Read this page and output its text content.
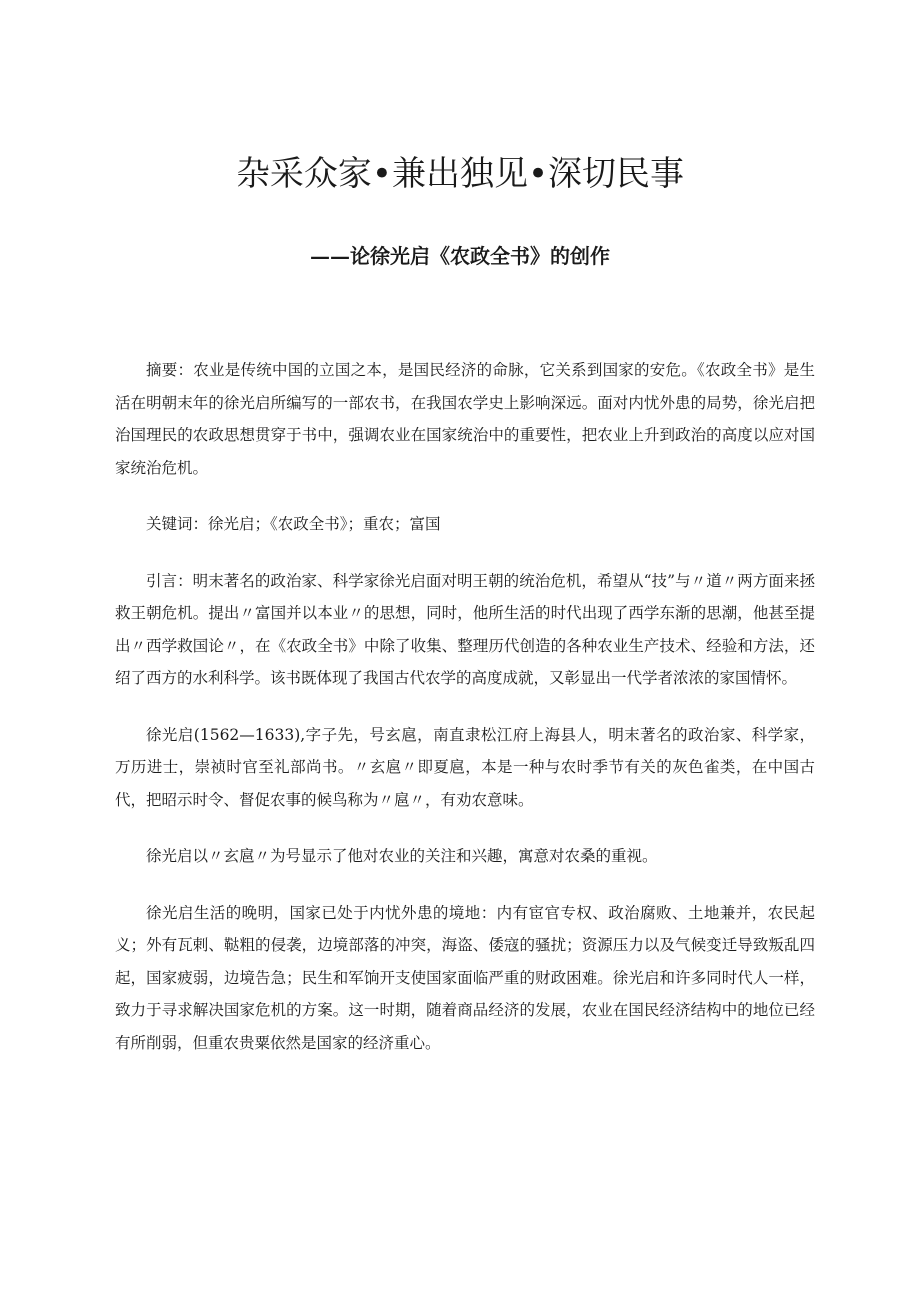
杂采众家•兼出独见•深切民事
——论徐光启《农政全书》的创作

摘要：农业是传统中国的立国之本，是国民经济的命脉，它关系到国家的安危。《农政全书》是生活在明朝末年的徐光启所编写的一部农书，在我国农学史上影响深远。面对内忧外患的局势，徐光启把治国理民的农政思想贯穿于书中，强调农业在国家统治中的重要性，把农业上升到政治的高度以应对国家统治危机。

关键词：徐光启；《农政全书》；重农；富国

引言：明末著名的政治家、科学家徐光启面对明王朝的统治危机，希望从“技”与〃道〃两方面来拯救王朝危机。提出〃富国并以本业〃的思想，同时，他所生活的时代出现了西学东渐的思潮，他甚至提出〃西学救国论〃，在《农政全书》中除了收集、整理历代创造的各种农业生产技术、经验和方法，还绍了西方的水利科学。该书既体现了我国古代农学的高度成就，又彰显出一代学者浓浓的家国情怀。

徐光启(1562—1633),字子先，号玄扈，南直隶松江府上海县人，明末著名的政治家、科学家，万历进士，崇祯时官至礼部尚书。〃玄扈〃即夏扈，本是一种与农时季节有关的灰色雀类，在中国古代，把昭示时令、督促农事的候鸟称为〃扈〃，有劝农意味。

徐光启以〃玄扈〃为号显示了他对农业的关注和兴趣，寓意对农桑的重视。

徐光启生活的晚明，国家已处于内忧外患的境地：内有宦官专权、政治腐败、土地兼并，农民起义；外有瓦剌、鞑粗的侵袭，边境部落的冲突，海盗、倭寇的骚扰；资源压力以及气候变迁导致叛乱四起，国家疲弱，边境告急；民生和军饷开支使国家面临严重的财政困难。徐光启和许多同时代人一样，致力于寻求解决国家危机的方案。这一时期，随着商品经济的发展，农业在国民经济结构中的地位已经有所削弱，但重农贵粟依然是国家的经济重心。
